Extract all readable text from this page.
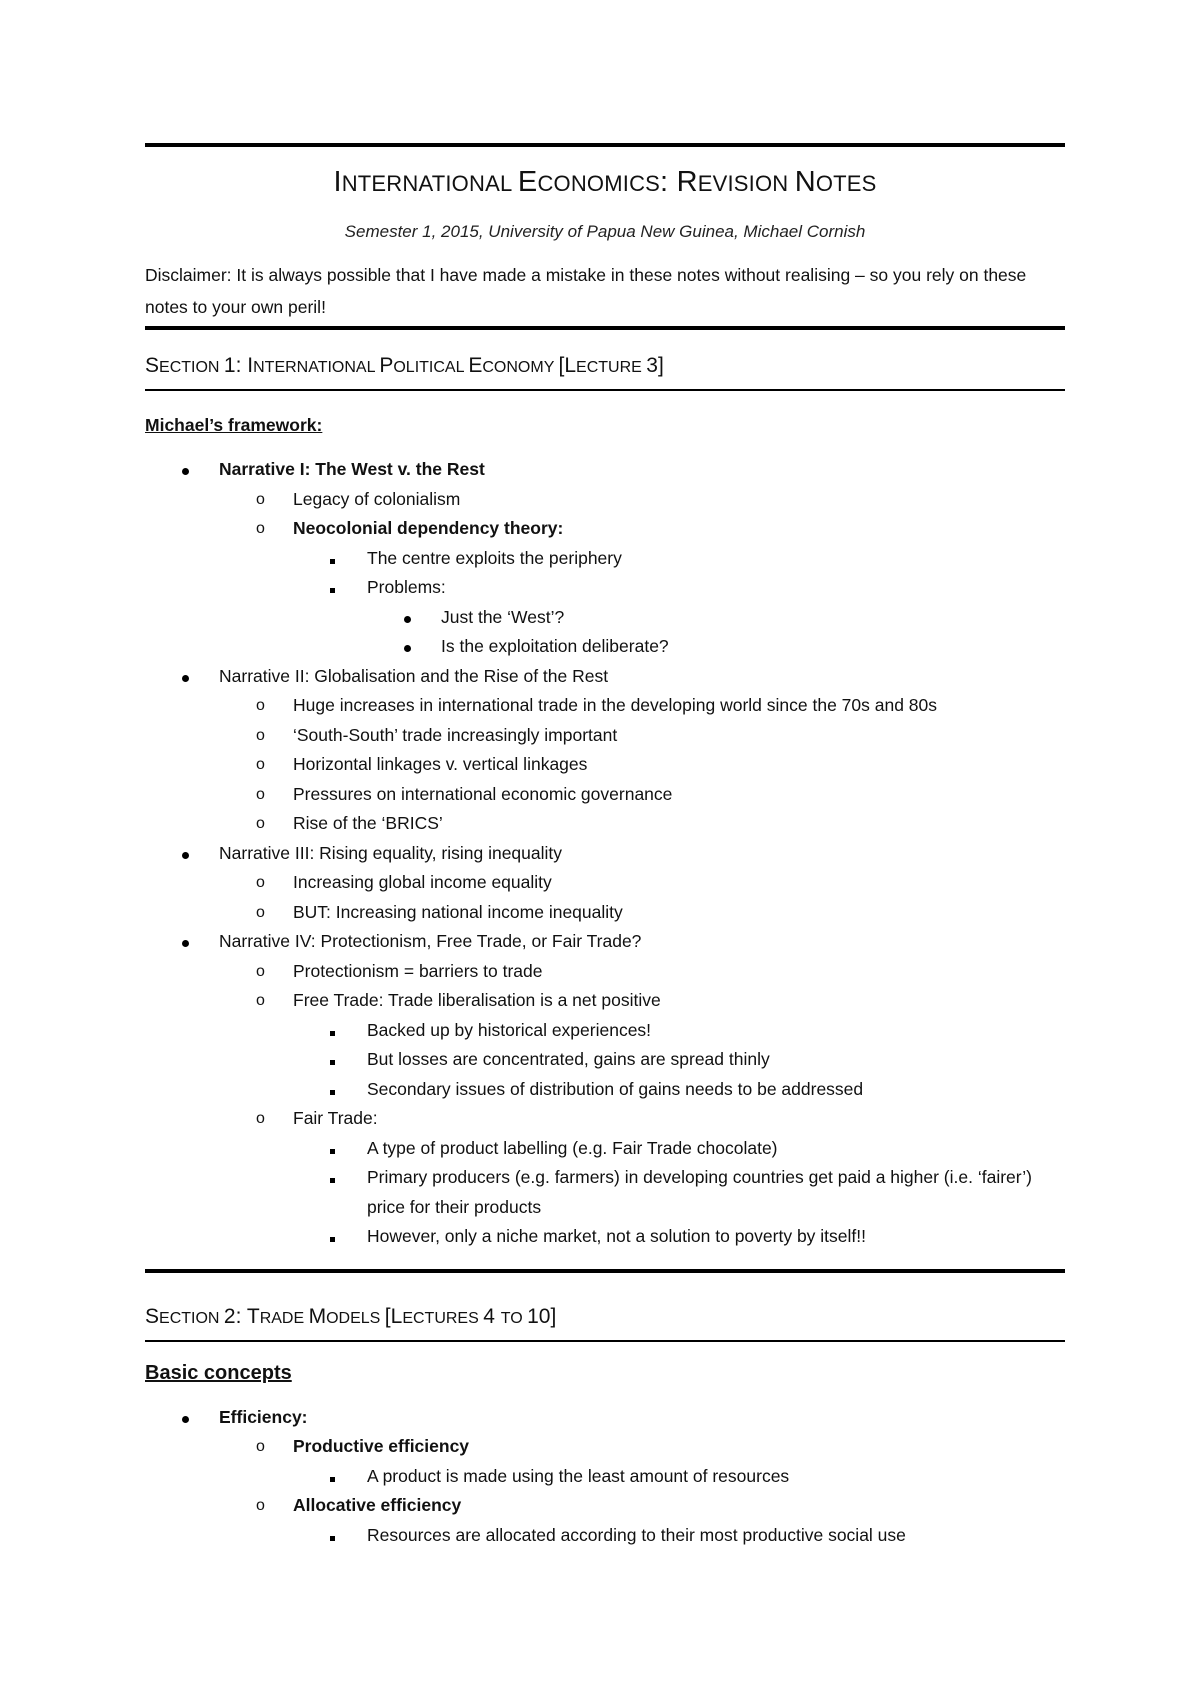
INTERNATIONAL ECONOMICS: REVISION NOTES
Semester 1, 2015, University of Papua New Guinea, Michael Cornish
Disclaimer: It is always possible that I have made a mistake in these notes without realising – so you rely on these notes to your own peril!
SECTION 1: INTERNATIONAL POLITICAL ECONOMY [LECTURE 3]
Michael’s framework:
Narrative I: The West v. the Rest
o Legacy of colonialism
o Neocolonial dependency theory:
The centre exploits the periphery
Problems:
Just the ‘West’?
Is the exploitation deliberate?
Narrative II: Globalisation and the Rise of the Rest
o Huge increases in international trade in the developing world since the 70s and 80s
o ‘South-South’ trade increasingly important
o Horizontal linkages v. vertical linkages
o Pressures on international economic governance
o Rise of the ‘BRICS’
Narrative III: Rising equality, rising inequality
o Increasing global income equality
o BUT: Increasing national income inequality
Narrative IV: Protectionism, Free Trade, or Fair Trade?
o Protectionism = barriers to trade
o Free Trade: Trade liberalisation is a net positive
Backed up by historical experiences!
But losses are concentrated, gains are spread thinly
Secondary issues of distribution of gains needs to be addressed
o Fair Trade:
A type of product labelling (e.g. Fair Trade chocolate)
Primary producers (e.g. farmers) in developing countries get paid a higher (i.e. ‘fairer’) price for their products
However, only a niche market, not a solution to poverty by itself!!
SECTION 2: TRADE MODELS [LECTURES 4 TO 10]
Basic concepts
Efficiency:
o Productive efficiency
A product is made using the least amount of resources
o Allocative efficiency
Resources are allocated according to their most productive social use
